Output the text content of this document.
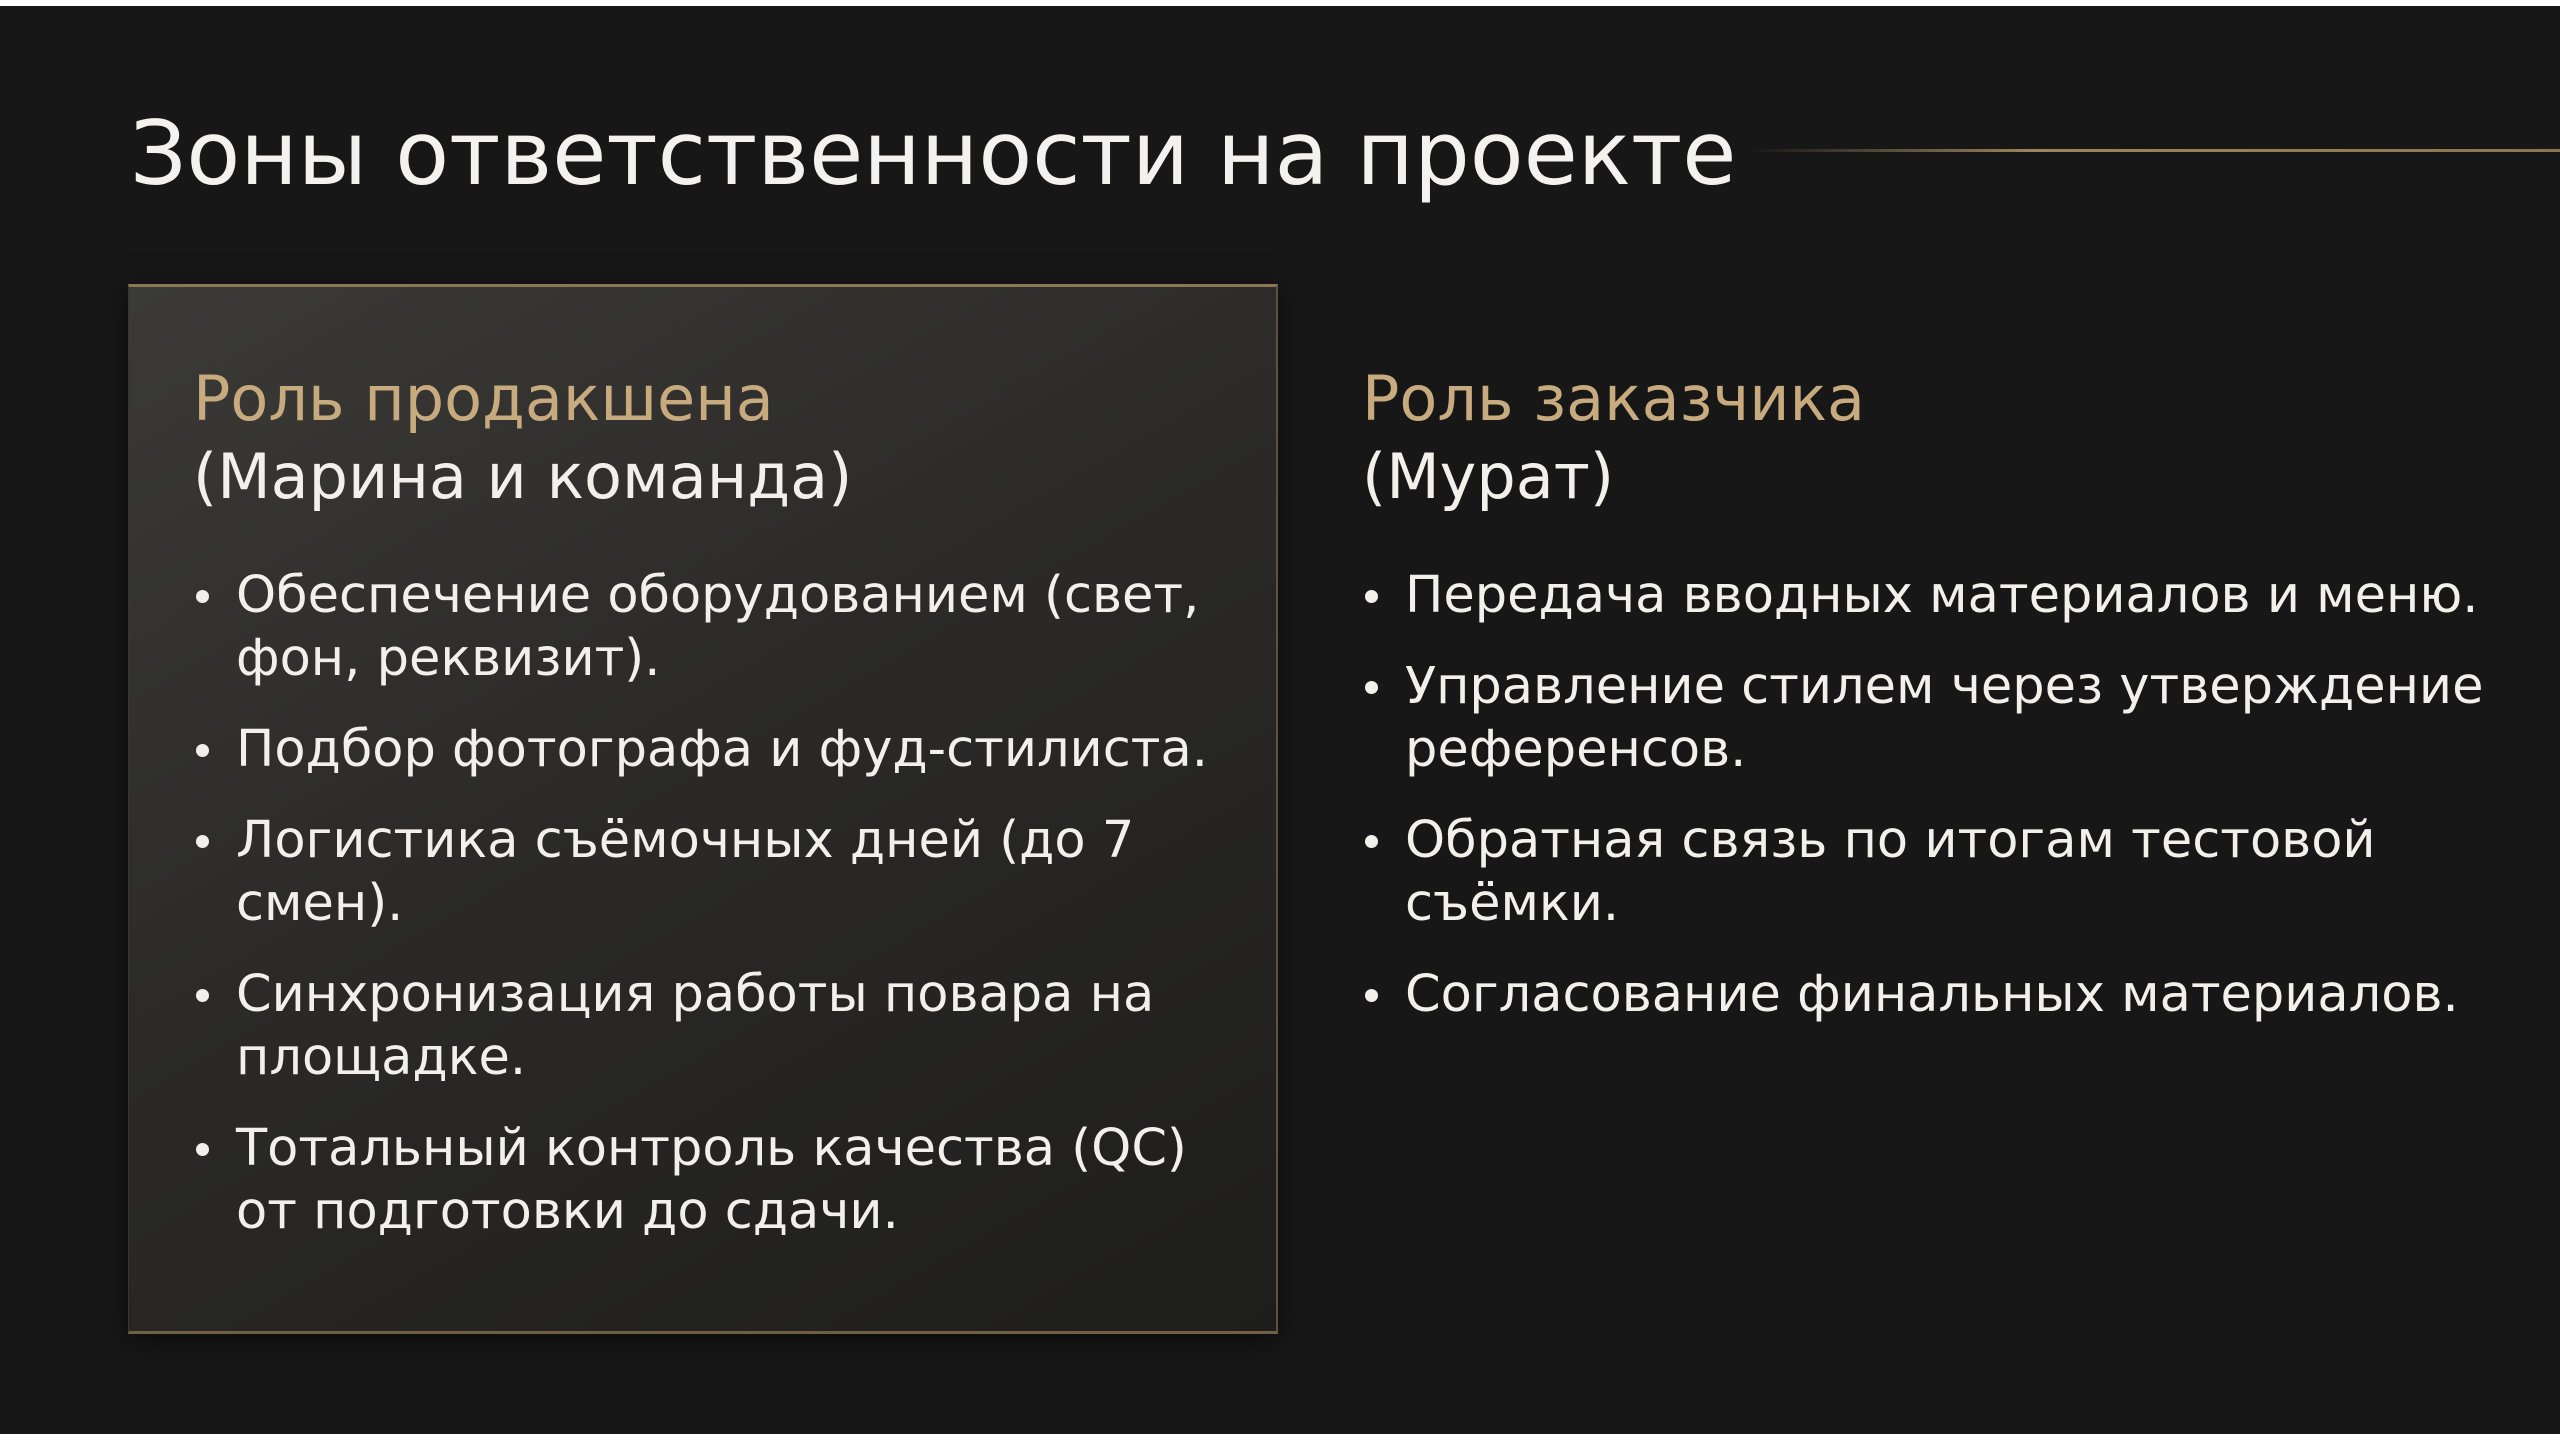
Зоны ответственности на проекте
Роль продакшена
(Марина и команда)
Обеспечение оборудованием (свет, фон, реквизит).
Подбор фотографа и фуд-стилиста.
Логистика съёмочных дней (до 7 смен).
Синхронизация работы повара на площадке.
Тотальный контроль качества (QC) от подготовки до сдачи.
Роль заказчика
(Мурат)
Передача вводных материалов и меню.
Управление стилем через утверждение референсов.
Обратная связь по итогам тестовой съёмки.
Согласование финальных материалов.
